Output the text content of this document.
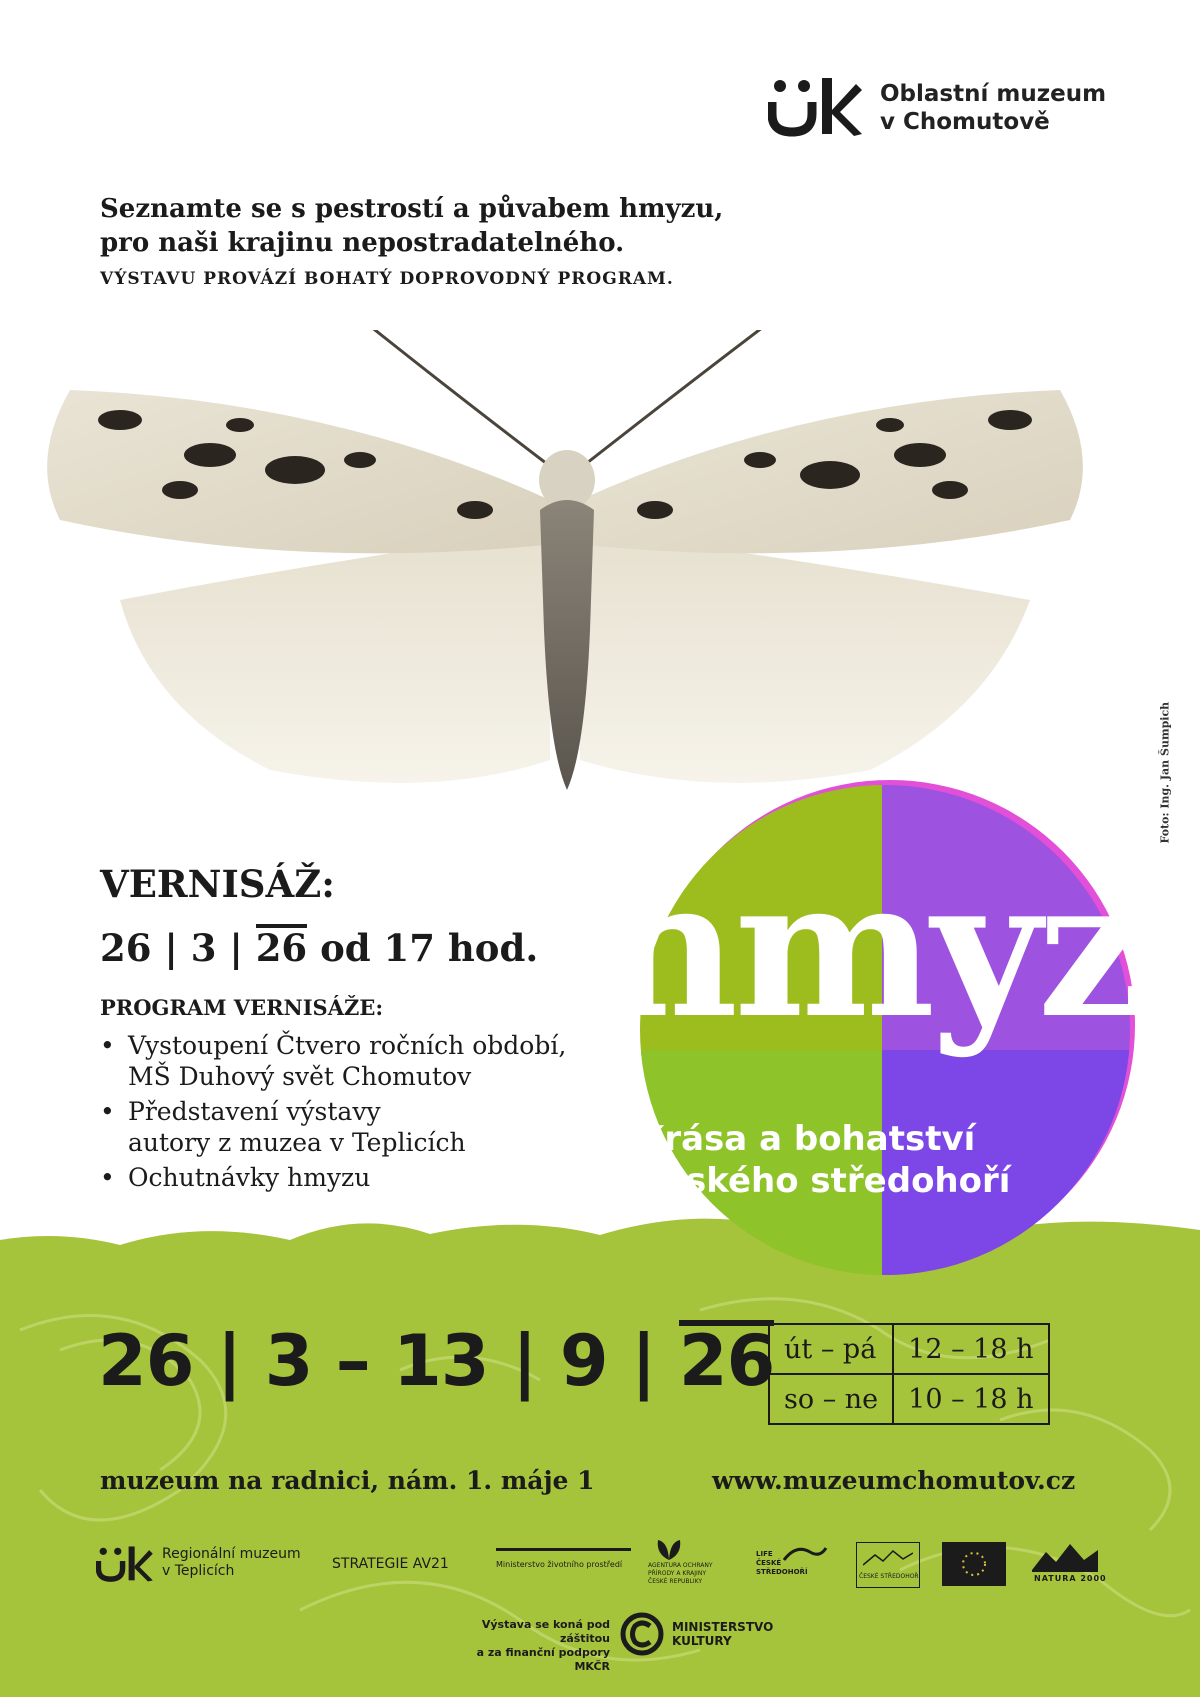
Oblastní muzeum
v Chomutově
Seznamte se s pestrostí a půvabem hmyzu,
pro naši krajinu nepostradatelného.
VÝSTAVU PROVÁZÍ BOHATÝ DOPROVODNÝ PROGRAM.
Foto: Ing. Jan Šumpich
VERNISÁŽ:
26 | 3 | 26 od 17 hod.
PROGRAM VERNISÁŽE:
• Vystoupení Čtvero ročních období,
MŠ Duhový svět Chomutov
• Představení výstavy
autory z muzea v Teplicích
• Ochutnávky hmyzu
hmyz
Krása a bohatství
Českého středohoří
26 | 3 – 13 | 9 | 26 út – pá	12 – 18 h
so – ne	10 – 18 h
muzeum na radnici, nám. 1. máje 1	www.muzeumchomutov.cz
Regionální muzeum
v Teplicích	STRATEGIE AV21	Ministerstvo životního prostředí	AGENTURA OCHRANY
PŘÍRODY A KRAJINY
ČESKÉ REPUBLIKY
LIFE
ČESKÉ
STŘEDOHOŘÍ
ČESKÉ STŘEDOHOŘÍ	NATURA 2000
Výstava se koná pod záštitou
a za finanční podpory MKČR
MINISTERSTVO
KULTURY
